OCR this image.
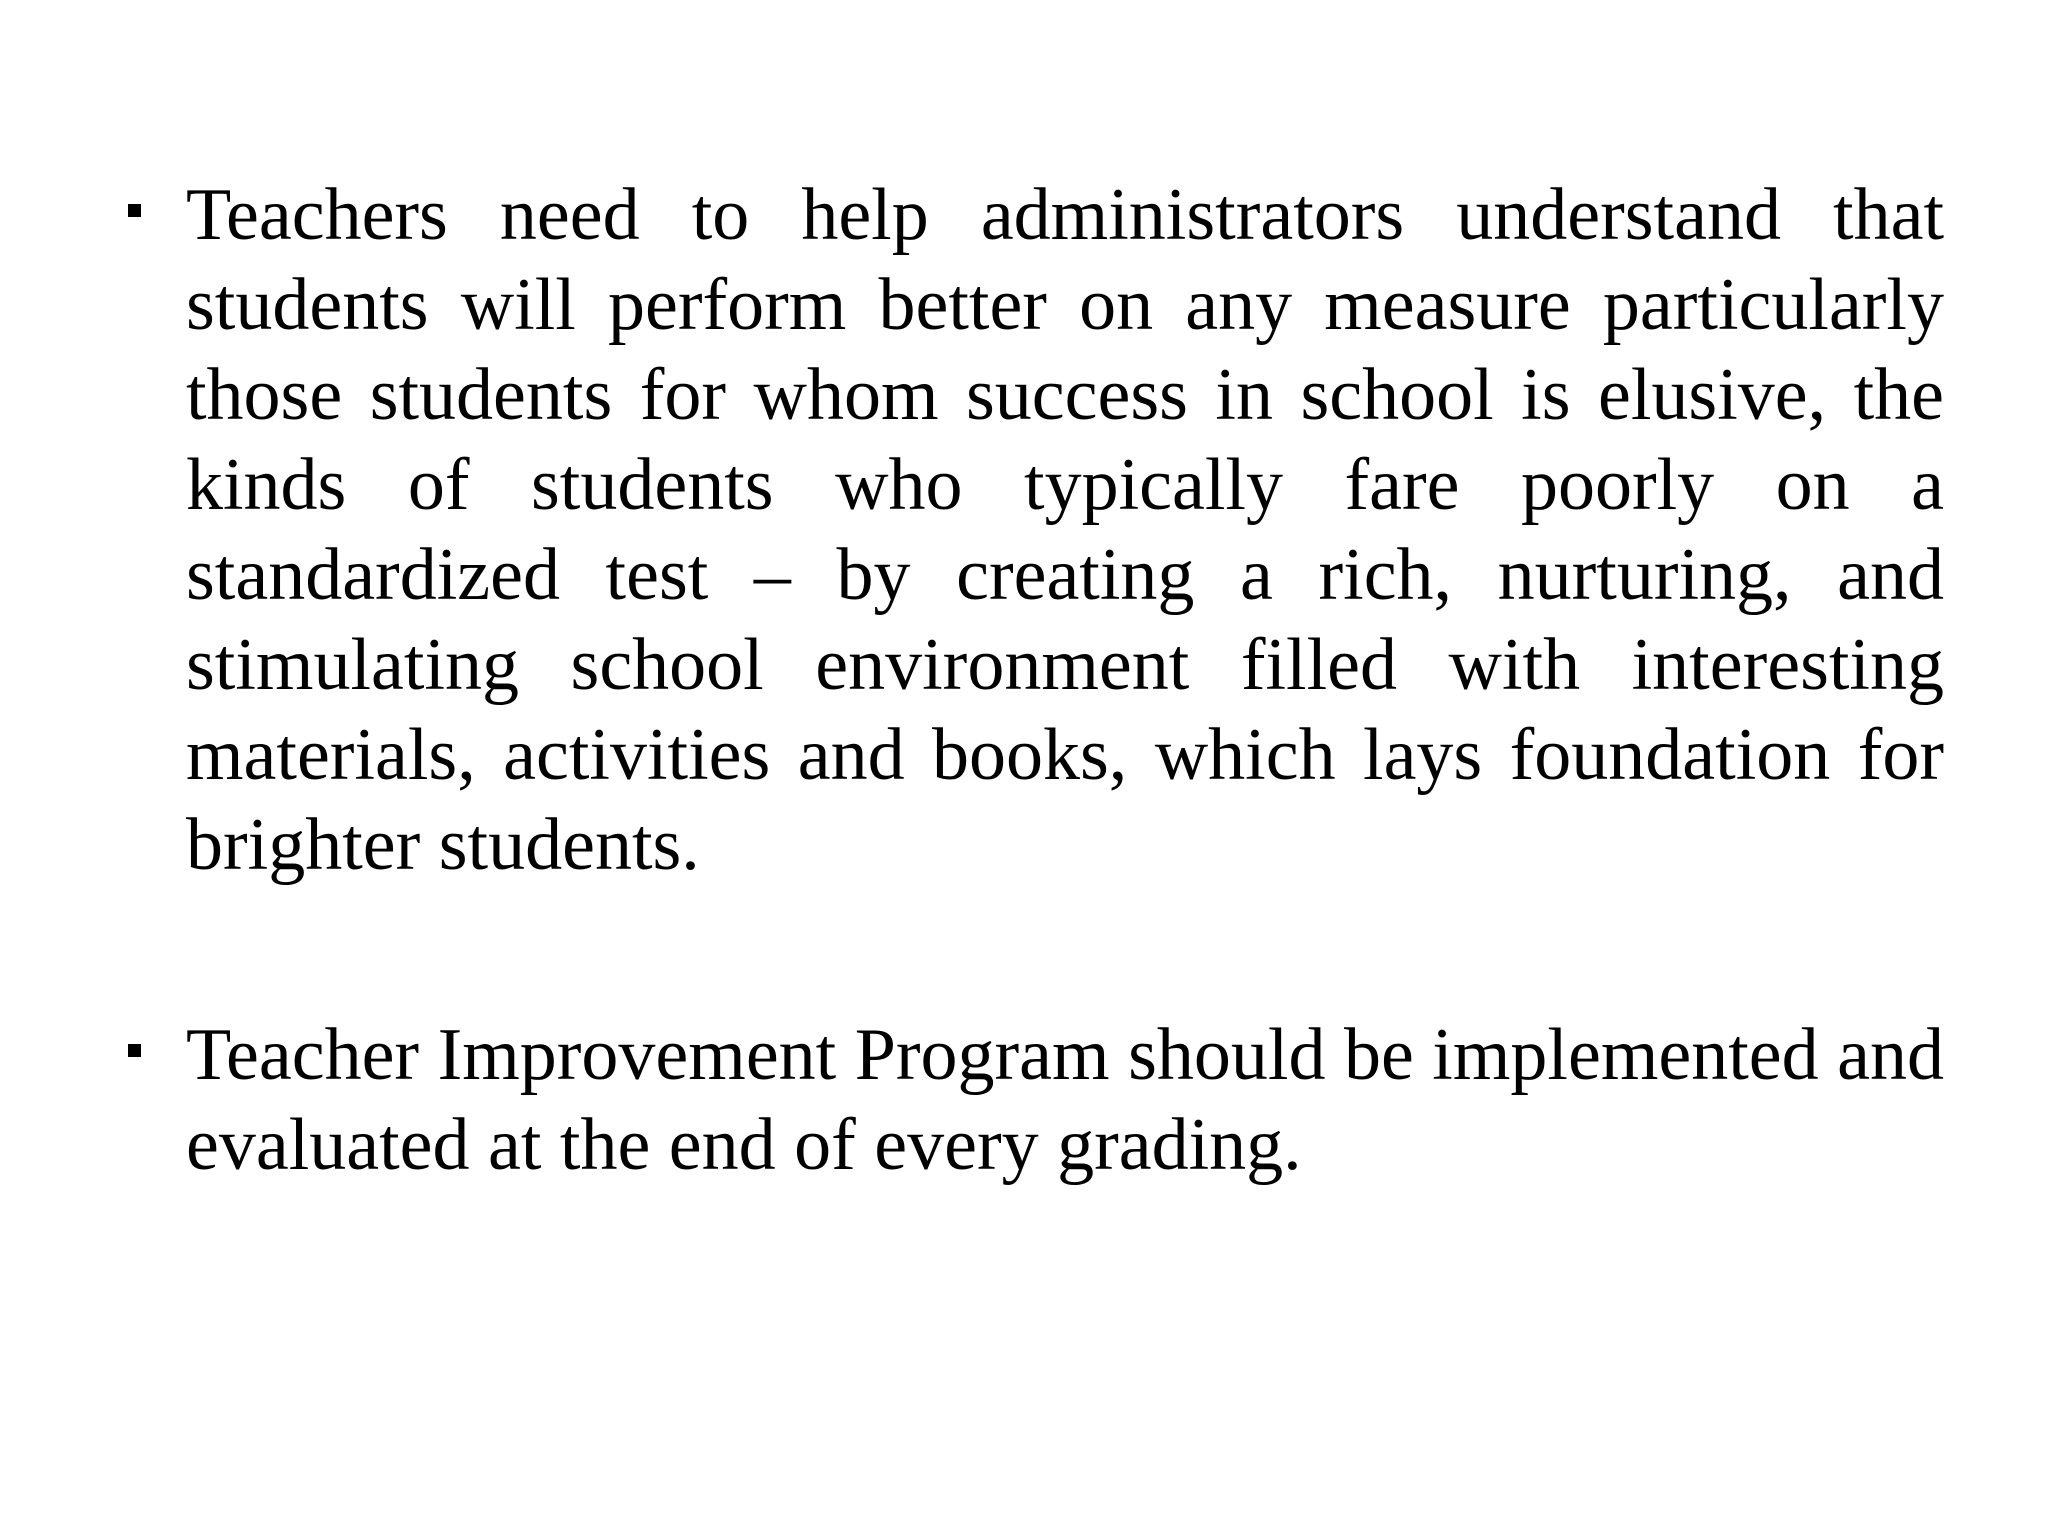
Teachers need to help administrators understand that students will perform better on any measure particularly those students for whom success in school is elusive, the kinds of students who typically fare poorly on a standardized test – by creating a rich, nurturing, and stimulating school environment filled with interesting materials, activities and books, which lays foundation for brighter students.
Teacher Improvement Program should be implemented and evaluated at the end of every grading.
